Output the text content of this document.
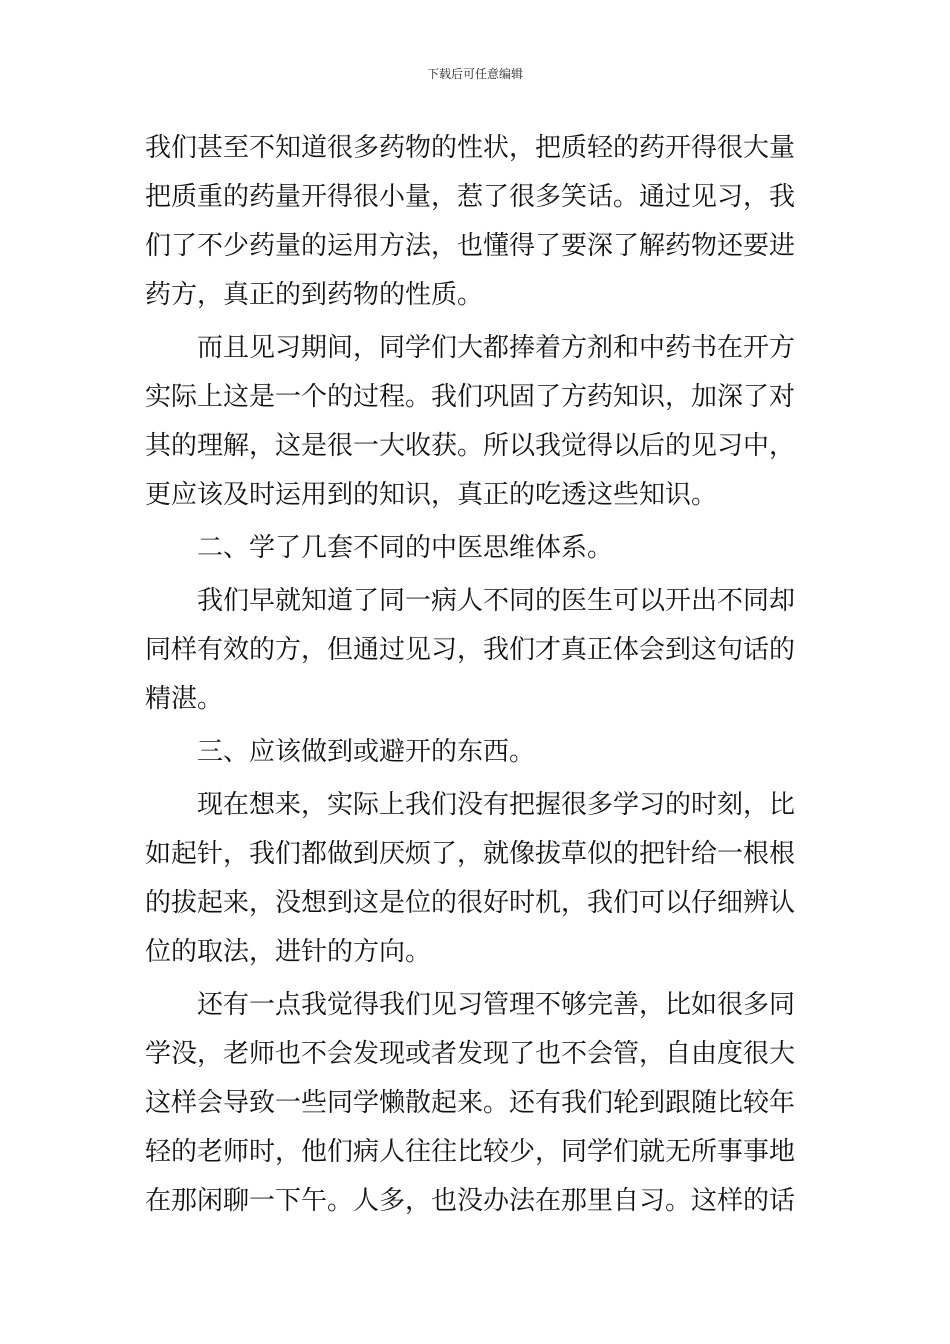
下载后可任意编辑
我们甚至不知道很多药物的性状，把质轻的药开得很大量
把质重的药量开得很小量，惹了很多笑话。通过见习，我
们了不少药量的运用方法，也懂得了要深了解药物还要进
药方，真正的到药物的性质。
　　而且见习期间，同学们大都捧着方剂和中药书在开方
实际上这是一个的过程。我们巩固了方药知识，加深了对
其的理解，这是很一大收获。所以我觉得以后的见习中，
更应该及时运用到的知识，真正的吃透这些知识。
　　二、学了几套不同的中医思维体系。
　　我们早就知道了同一病人不同的医生可以开出不同却
同样有效的方，但通过见习，我们才真正体会到这句话的
精湛。
　　三、应该做到或避开的东西。
　　现在想来，实际上我们没有把握很多学习的时刻，比
如起针，我们都做到厌烦了，就像拔草似的把针给一根根
的拔起来，没想到这是位的很好时机，我们可以仔细辨认
位的取法，进针的方向。
　　还有一点我觉得我们见习管理不够完善，比如很多同
学没，老师也不会发现或者发现了也不会管，自由度很大
这样会导致一些同学懒散起来。还有我们轮到跟随比较年
轻的老师时，他们病人往往比较少，同学们就无所事事地
在那闲聊一下午。人多，也没办法在那里自习。这样的话
